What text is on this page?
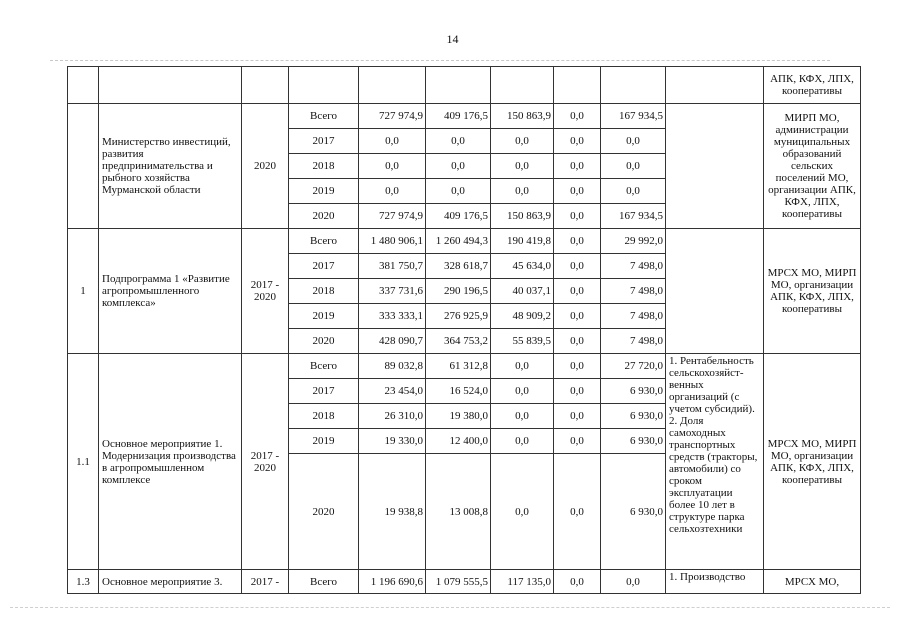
14
										АПК, КФХ, ЛПХ, кооперативы
	Министерство инвестиций, развития предпринимательства и рыбного хозяйства Мурманской области	2020	Всего	727 974,9	409 176,5	150 863,9	0,0	167 934,5		МИРП МО, администрации муниципальных образований сельских поселений МО, организации АПК, КФХ, ЛПХ, кооперативы
			2017	0,0	0,0	0,0	0,0	0,0		
			2018	0,0	0,0	0,0	0,0	0,0		
			2019	0,0	0,0	0,0	0,0	0,0		
			2020	727 974,9	409 176,5	150 863,9	0,0	167 934,5		
1	Подпрограмма 1 «Развитие агропромышленного комплекса»	2017 - 2020	Всего	1 480 906,1	1 260 494,3	190 419,8	0,0	29 992,0		МРСХ МО, МИРП МО, организации АПК, КФХ, ЛПХ, кооперативы
			2017	381 750,7	328 618,7	45 634,0	0,0	7 498,0		
			2018	337 731,6	290 196,5	40 037,1	0,0	7 498,0		
			2019	333 333,1	276 925,9	48 909,2	0,0	7 498,0		
			2020	428 090,7	364 753,2	55 839,5	0,0	7 498,0		
1.1	Основное мероприятие 1. Модернизация производства в агропромышленном комплексе	2017 - 2020	Всего	89 032,8	61 312,8	0,0	0,0	27 720,0	1. Рентабельность сельскохозяйст-венных организаций (с учетом субсидий). 2. Доля самоходных транспортных средств (тракторы, автомобили) со сроком эксплуатации более 10 лет в структуре парка сельхозтехники	МРСХ МО, МИРП МО, организации АПК, КФХ, ЛПХ, кооперативы
			2017	23 454,0	16 524,0	0,0	0,0	6 930,0		
			2018	26 310,0	19 380,0	0,0	0,0	6 930,0		
			2019	19 330,0	12 400,0	0,0	0,0	6 930,0		
			2020	19 938,8	13 008,8	0,0	0,0	6 930,0		
1.3	Основное мероприятие 3.	2017 -	Всего	1 196 690,6	1 079 555,5	117 135,0	0,0	0,0	1. Производство	МРСХ МО,
